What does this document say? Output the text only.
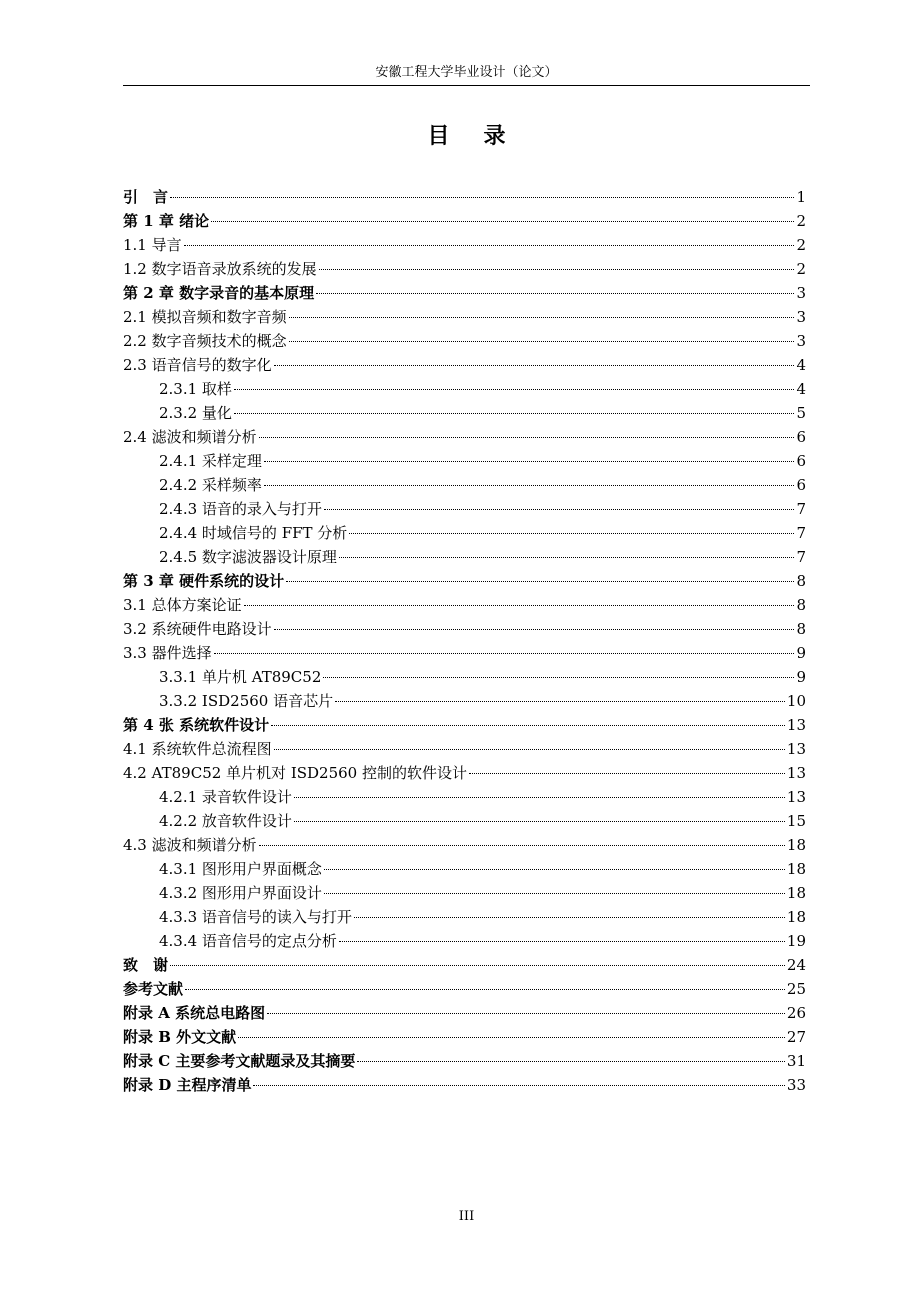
安徽工程大学毕业设计（论文）
目录
引　言	1
第 1 章 绪论	2
1.1 导言	2
1.2 数字语音录放系统的发展	2
第 2 章 数字录音的基本原理	3
2.1 模拟音频和数字音频	3
2.2 数字音频技术的概念	3
2.3 语音信号的数字化	4
2.3.1 取样	4
2.3.2 量化	5
2.4 滤波和频谱分析	6
2.4.1 采样定理	6
2.4.2 采样频率	6
2.4.3 语音的录入与打开	7
2.4.4 时域信号的 FFT 分析	7
2.4.5 数字滤波器设计原理	7
第 3 章 硬件系统的设计	8
3.1 总体方案论证	8
3.2 系统硬件电路设计	8
3.3 器件选择	9
3.3.1 单片机 AT89C52	9
3.3.2 ISD2560 语音芯片	10
第 4 张 系统软件设计	13
4.1 系统软件总流程图	13
4.2 AT89C52 单片机对 ISD2560 控制的软件设计	13
4.2.1 录音软件设计	13
4.2.2 放音软件设计	15
4.3 滤波和频谱分析	18
4.3.1 图形用户界面概念	18
4.3.2 图形用户界面设计	18
4.3.3 语音信号的读入与打开	18
4.3.4 语音信号的定点分析	19
致　谢	24
参考文献	25
附录 A 系统总电路图	26
附录 B 外文文献	27
附录 C 主要参考文献题录及其摘要	31
附录 D 主程序清单	33
III
